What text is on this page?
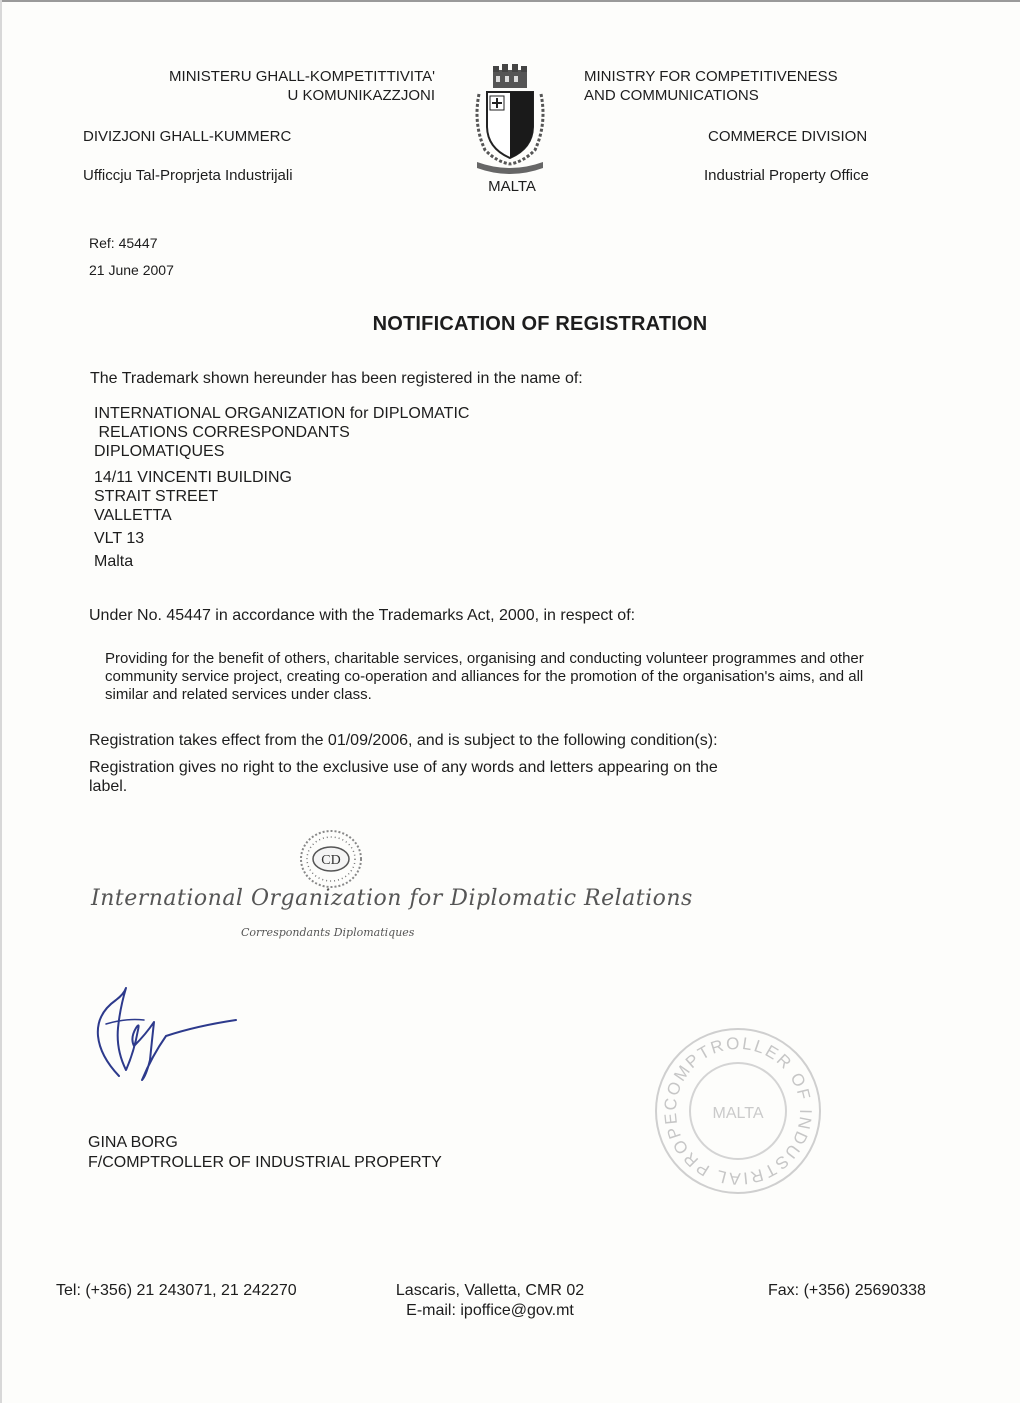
MINISTERU GHALL-KOMPETITTIVITA'
U KOMUNIKAZZJONI
DIVIZJONI GHALL-KUMMERC
Ufficcju Tal-Proprjeta Industrijali
MALTA
MINISTRY FOR COMPETITIVENESS
AND COMMUNICATIONS
COMMERCE DIVISION
Industrial Property Office
Ref: 45447
21 June 2007
NOTIFICATION OF REGISTRATION
The Trademark shown hereunder has been registered in the name of:
INTERNATIONAL ORGANIZATION for DIPLOMATIC
RELATIONS CORRESPONDANTS
DIPLOMATIQUES
14/11 VINCENTI BUILDING
STRAIT STREET
VALLETTA
VLT 13
Malta
Under No. 45447 in accordance with the Trademarks Act, 2000, in respect of:
Providing for the benefit of others, charitable services, organising and conducting volunteer programmes and other
community service project, creating co-operation and alliances for the promotion of the organisation's aims, and all
similar and related services under class.
Registration takes effect from the 01/09/2006, and is subject to the following condition(s):
Registration gives no right to the exclusive use of any words and letters appearing on the
label.
CD
International Organization for Diplomatic Relations
Correspondants Diplomatiques
GINA BORG
F/COMPTROLLER OF INDUSTRIAL PROPERTY
COMPTROLLER OF INDUSTRIAL PROPE	MALTA
Tel: (+356) 21 243071, 21 242270	Lascaris, Valletta, CMR 02
E-mail: ipoffice@gov.mt
Fax: (+356) 25690338
